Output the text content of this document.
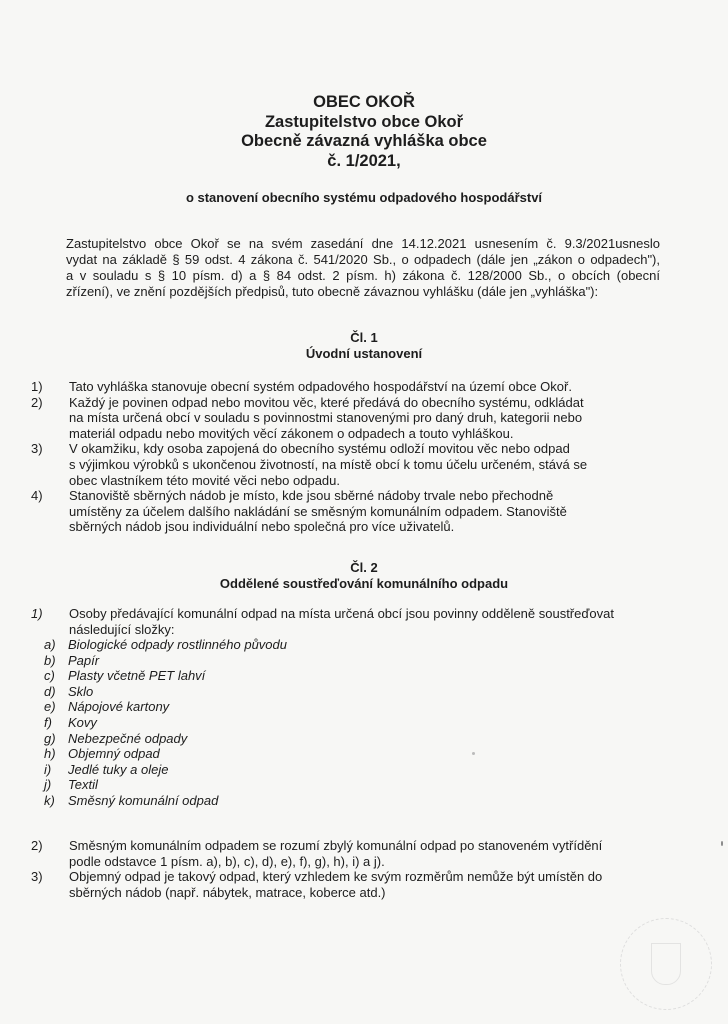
OBEC OKOŘ
Zastupitelstvo obce Okoř
Obecně závazná vyhláška obce
č. 1/2021,
o stanovení obecního systému odpadového hospodářství
Zastupitelstvo obce Okoř se na svém zasedání dne 14.12.2021 usnesením č. 9.3/2021usneslo
vydat na základě § 59 odst. 4 zákona č. 541/2020 Sb., o odpadech (dále jen „zákon o odpadech"),
a v souladu s § 10 písm. d) a § 84 odst. 2 písm. h) zákona č. 128/2000 Sb., o obcích (obecní
zřízení), ve znění pozdějších předpisů, tuto obecně závaznou vyhlášku (dále jen „vyhláška"):
Čl. 1
Úvodní ustanovení
1) Tato vyhláška stanovuje obecní systém odpadového hospodářství na území obce Okoř.
2) Každý je povinen odpad nebo movitou věc, které předává do obecního systému, odkládat
na místa určená obcí v souladu s povinnostmi stanovenými pro daný druh, kategorii nebo
materiál odpadu nebo movitých věcí zákonem o odpadech a touto vyhláškou.
3) V okamžiku, kdy osoba zapojená do obecního systému odloží movitou věc nebo odpad
s výjimkou výrobků s ukončenou životností, na místě obcí k tomu účelu určeném, stává se
obec vlastníkem této movité věci nebo odpadu.
4) Stanoviště sběrných nádob je místo, kde jsou sběrné nádoby trvale nebo přechodně
umístěny za účelem dalšího nakládání se směsným komunálním odpadem. Stanoviště
sběrných nádob jsou individuální nebo společná pro více uživatelů.
Čl. 2
Oddělené soustřeďování komunálního odpadu
1) Osoby předávající komunální odpad na místa určená obcí jsou povinny odděleně soustřeďovat
následující složky:
a) Biologické odpady rostlinného původu
b) Papír
c) Plasty včetně PET lahví
d) Sklo
e) Nápojové kartony
f) Kovy
g) Nebezpečné odpady
h) Objemný odpad
i) Jedlé tuky a oleje
j) Textil
k) Směsný komunální odpad
2) Směsným komunálním odpadem se rozumí zbylý komunální odpad po stanoveném vytřídění
podle odstavce 1 písm. a), b), c), d), e), f), g), h), i) a j).
3) Objemný odpad je takový odpad, který vzhledem ke svým rozměrům nemůže být umístěn do
sběrných nádob (např. nábytek, matrace, koberce atd.)
